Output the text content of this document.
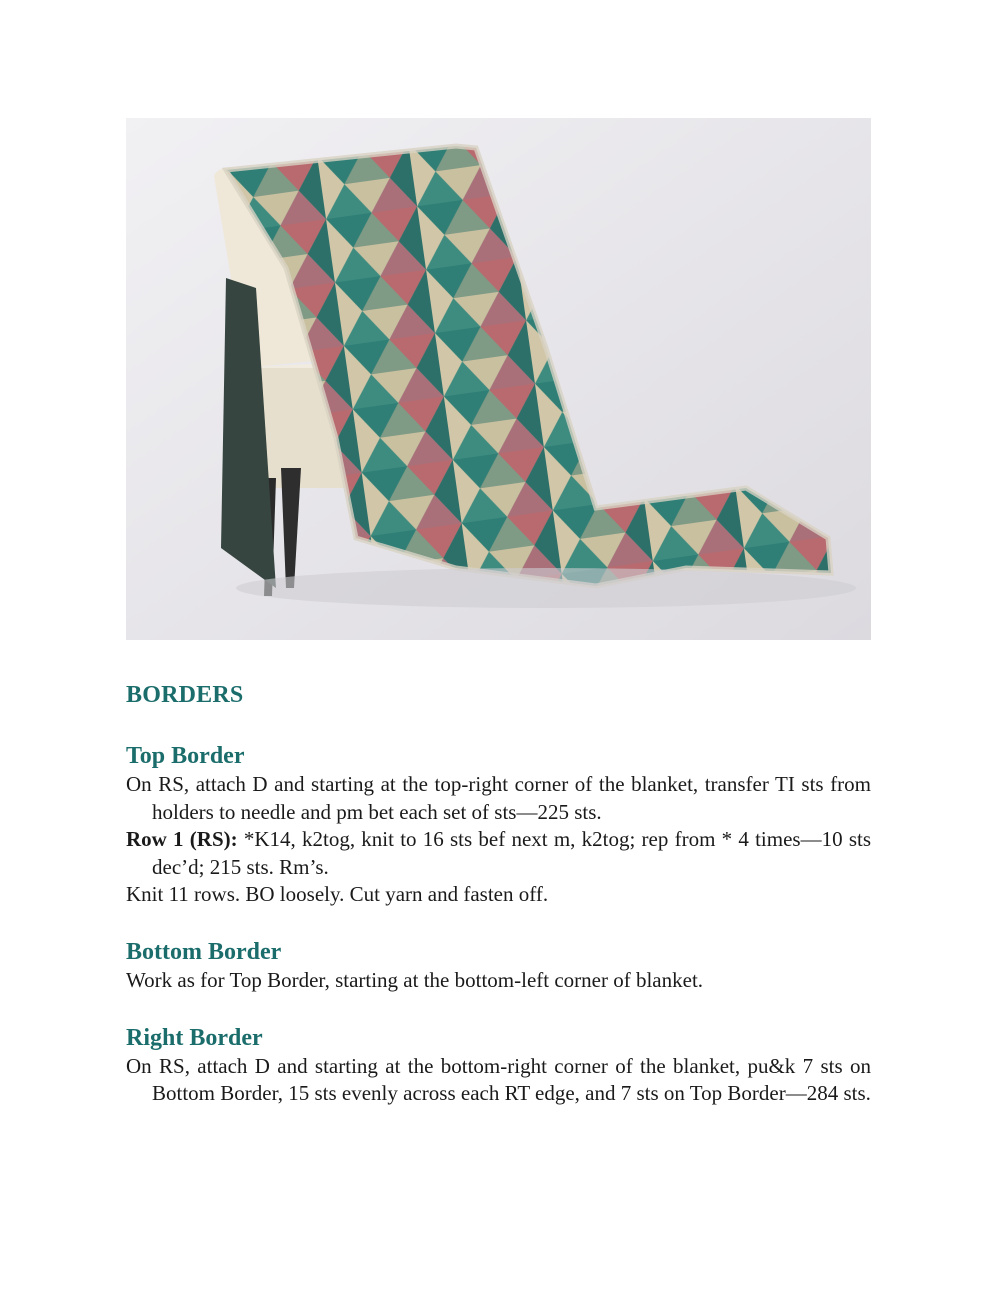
BORDERS
Top Border

On RS, attach D and starting at the top-right corner of the blanket, transfer TI sts from holders to needle and pm bet each set of sts—225 sts.

Row 1 (RS): *K14, k2tog, knit to 16 sts bef next m, k2tog; rep from * 4 times—10 sts dec’d; 215 sts. Rm’s.

Knit 11 rows. BO loosely. Cut yarn and fasten off.

Bottom Border

Work as for Top Border, starting at the bottom-left corner of blanket.

Right Border

On RS, attach D and starting at the bottom-right corner of the blanket, pu&k 7 sts on Bottom Border, 15 sts evenly across each RT edge, and 7 sts on Top Border—284 sts.
